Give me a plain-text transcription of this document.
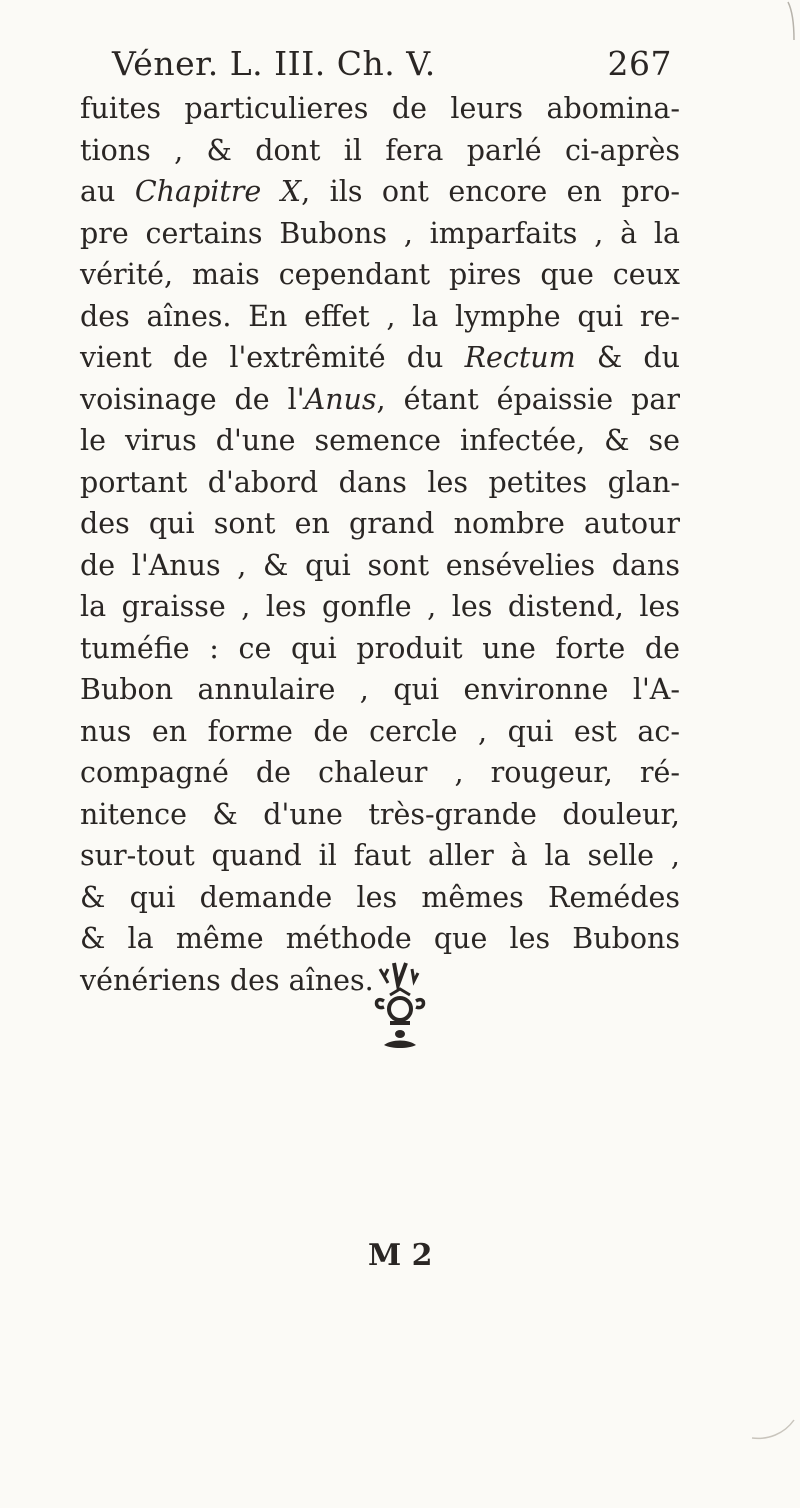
Véner. L. III. Ch. V.	267
fuites particulieres de leurs abomina-
tions , & dont il fera parlé ci-après
au Chapitre X, ils ont encore en pro-
pre certains Bubons , imparfaits , à la
vérité, mais cependant pires que ceux
des aînes. En effet , la lymphe qui re-
vient de l'extrêmité du Rectum & du
voisinage de l'Anus, étant épaissie par
le virus d'une semence infectée, & se
portant d'abord dans les petites glan-
des qui sont en grand nombre autour
de l'Anus , & qui sont ensévelies dans
la graisse , les gonfle , les distend, les
tuméfie : ce qui produit une forte de
Bubon annulaire , qui environne l'A-
nus en forme de cercle , qui est ac-
compagné de chaleur , rougeur, ré-
nitence & d'une très-grande douleur,
sur-tout quand il faut aller à la selle ,
& qui demande les mêmes Remédes
& la même méthode que les Bubons
vénériens des aînes.
M 2
